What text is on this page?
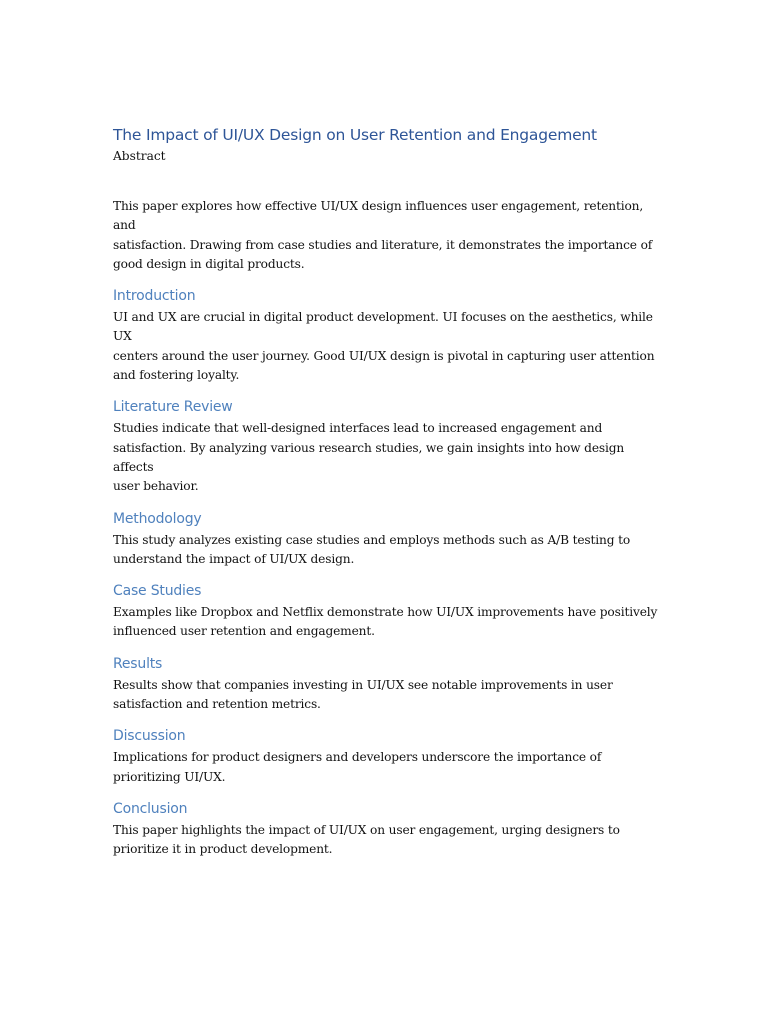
The Impact of UI/UX Design on User Retention and Engagement

Abstract

This paper explores how effective UI/UX design influences user engagement, retention, and
satisfaction. Drawing from case studies and literature, it demonstrates the importance of
good design in digital products.
Introduction
UI and UX are crucial in digital product development. UI focuses on the aesthetics, while UX
centers around the user journey. Good UI/UX design is pivotal in capturing user attention
and fostering loyalty.
Literature Review
Studies indicate that well-designed interfaces lead to increased engagement and
satisfaction. By analyzing various research studies, we gain insights into how design affects
user behavior.
Methodology
This study analyzes existing case studies and employs methods such as A/B testing to
understand the impact of UI/UX design.
Case Studies
Examples like Dropbox and Netflix demonstrate how UI/UX improvements have positively
influenced user retention and engagement.
Results
Results show that companies investing in UI/UX see notable improvements in user
satisfaction and retention metrics.
Discussion
Implications for product designers and developers underscore the importance of
prioritizing UI/UX.
Conclusion
This paper highlights the impact of UI/UX on user engagement, urging designers to
prioritize it in product development.
